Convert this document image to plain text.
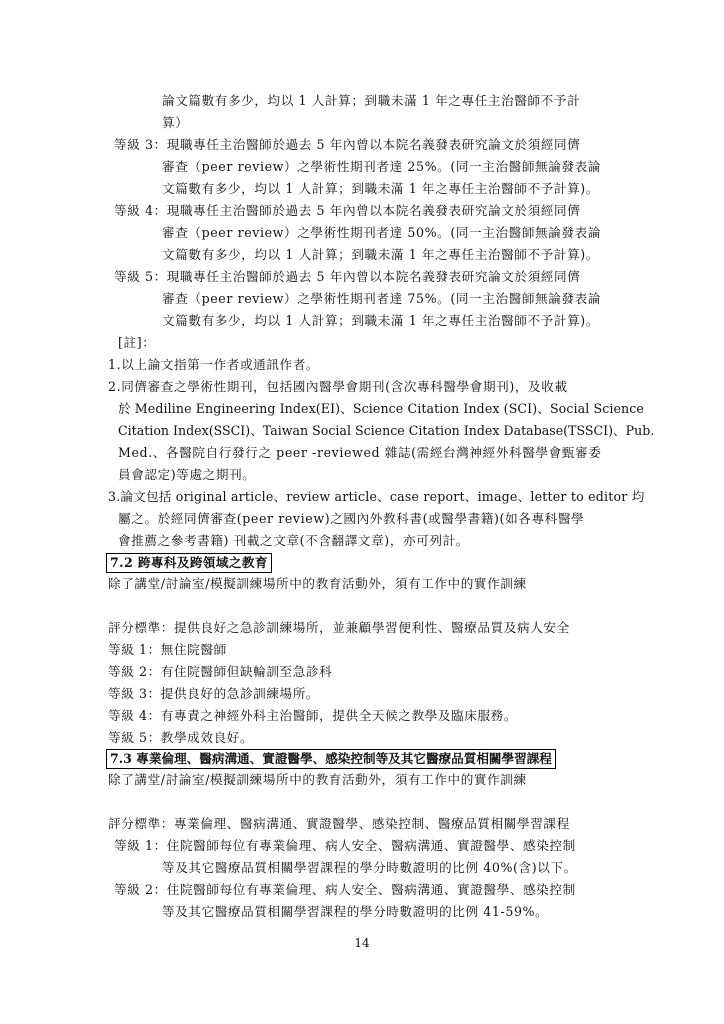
論文篇數有多少，均以 1 人計算；到職未滿 1 年之專任主治醫師不予計
算）
等級 3：現職專任主治醫師於過去 5 年內曾以本院名義發表研究論文於須經同儕
審查（peer review）之學術性期刊者達 25%。(同一主治醫師無論發表論
文篇數有多少，均以 1 人計算；到職未滿 1 年之專任主治醫師不予計算)。
等級 4：現職專任主治醫師於過去 5 年內曾以本院名義發表研究論文於須經同儕
審查（peer review）之學術性期刊者達 50%。(同一主治醫師無論發表論
文篇數有多少，均以 1 人計算；到職未滿 1 年之專任主治醫師不予計算)。
等級 5：現職專任主治醫師於過去 5 年內曾以本院名義發表研究論文於須經同儕
審查（peer review）之學術性期刊者達 75%。(同一主治醫師無論發表論
文篇數有多少，均以 1 人計算；到職未滿 1 年之專任主治醫師不予計算)。
[註]：
1.以上論文指第一作者或通訊作者。
2.同儕審查之學術性期刊，包括國內醫學會期刊(含次專科醫學會期刊)，及收載
於 Mediline Engineering Index(EI)、Science Citation Index (SCI)、Social Science
Citation Index(SSCI)、Taiwan Social Science Citation Index Database(TSSCI)、Pub.
Med.、各醫院自行發行之 peer -reviewed 雜誌(需經台灣神經外科醫學會甄審委
員會認定)等處之期刊。
3.論文包括 original article、review article、case report、image、letter to editor 均
屬之。於經同儕審查(peer review)之國內外教科書(或醫學書籍)(如各專科醫學
會推薦之參考書籍) 刊載之文章(不含翻譯文章)，亦可列計。
7.2 跨專科及跨領域之教育
除了講堂/討論室/模擬訓練場所中的教育活動外，須有工作中的實作訓練
評分標準：提供良好之急診訓練場所，並兼顧學習便利性、醫療品質及病人安全
等級 1：無住院醫師
等級 2：有住院醫師但缺輪訓至急診科
等級 3：提供良好的急診訓練場所。
等級 4：有專責之神經外科主治醫師，提供全天候之教學及臨床服務。
等級 5：教學成效良好。
7.3 專業倫理、醫病溝通、實證醫學、感染控制等及其它醫療品質相關學習課程
除了講堂/討論室/模擬訓練場所中的教育活動外，須有工作中的實作訓練
評分標準：專業倫理、醫病溝通、實證醫學、感染控制、醫療品質相關學習課程
等級 1：住院醫師每位有專業倫理、病人安全、醫病溝通、實證醫學、感染控制
等及其它醫療品質相關學習課程的學分時數證明的比例 40%(含)以下。
等級 2：住院醫師每位有專業倫理、病人安全、醫病溝通、實證醫學、感染控制
等及其它醫療品質相關學習課程的學分時數證明的比例 41-59%。
14
